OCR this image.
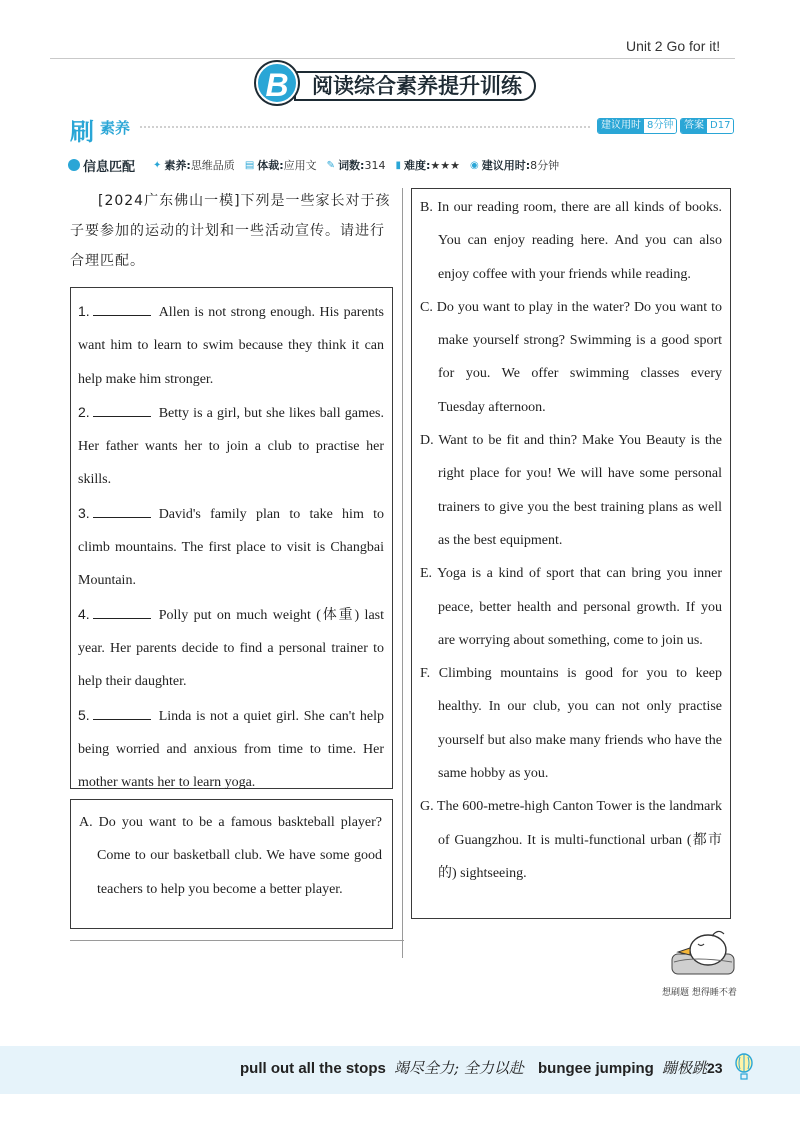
Unit 2 Go for it!
阅读综合素养提升训练
B
刷 素养	建议用时 8分钟	答案 D17
信息匹配 ✦ 素养: 思维品质 ▤ 体裁: 应用文 ✎ 词数: 314 ▮ 难度: ★★★ ◉ 建议用时: 8分钟
[2024广东佛山一模]下列是一些家长对于孩子要参加的运动的计划和一些活动宣传。请进行合理匹配。
1.	Allen is not strong enough. His parents want him to learn to swim because they think it can help make him stronger.
2.	Betty is a girl, but she likes ball games. Her father wants her to join a club to practise her skills.
3.	David's family plan to take him to climb mountains. The first place to visit is Changbai Mountain.
4.	Polly put on much weight (体重) last year. Her parents decide to find a personal trainer to help their daughter.
5.	Linda is not a quiet girl. She can't help being worried and anxious from time to time. Her mother wants her to learn yoga.
A. Do you want to be a famous baskteball player? Come to our basketball club. We have some good teachers to help you become a better player.
B. In our reading room, there are all kinds of books. You can enjoy reading here. And you can also enjoy coffee with your friends while reading.
C. Do you want to play in the water? Do you want to make yourself strong? Swimming is a good sport for you. We offer swimming classes every Tuesday afternoon.
D. Want to be fit and thin? Make You Beauty is the right place for you! We will have some personal trainers to give you the best training plans as well as the best equipment.
E. Yoga is a kind of sport that can bring you inner peace, better health and personal growth. If you are worrying about something, come to join us.
F. Climbing mountains is good for you to keep healthy. In our club, you can not only practise yourself but also make many friends who have the same hobby as you.
G. The 600-metre-high Canton Tower is the landmark of Guangzhou. It is multi-functional urban (都市的) sightseeing.
想刷题 想得睡不着
pull out all the stops 竭尽全力; 全力以赴 bungee jumping 蹦极跳 23
